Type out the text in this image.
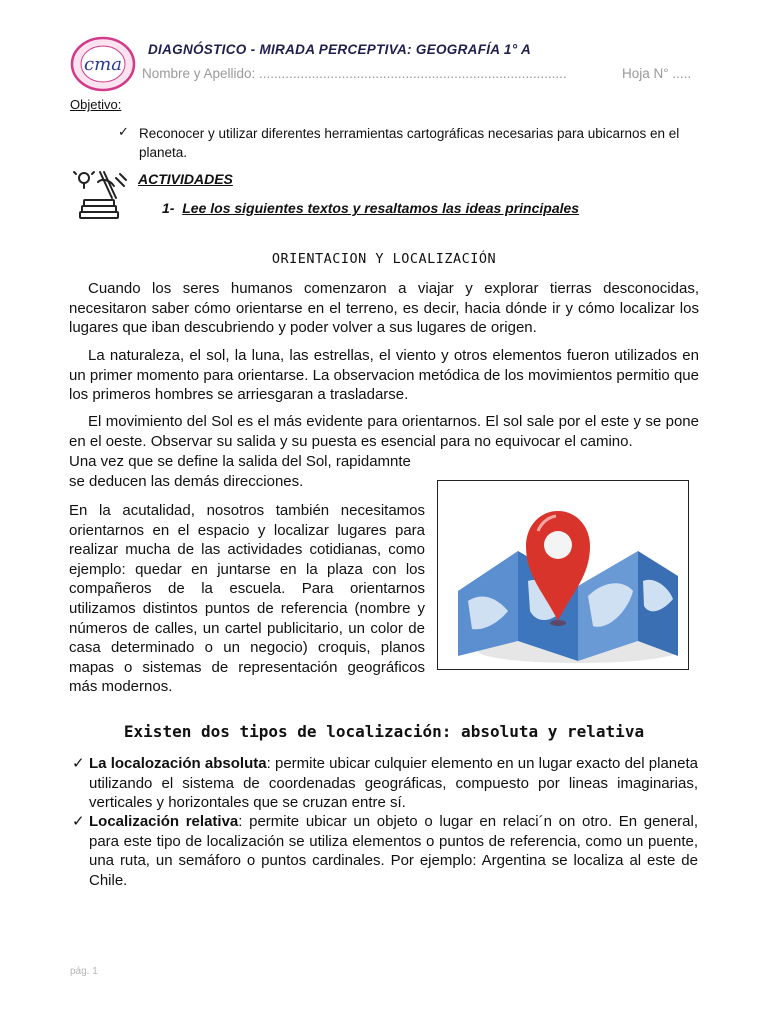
cma
DIAGNÓSTICO - MIRADA PERCEPTIVA: GEOGRAFÍA 1° A
Nombre y Apellido: ..................................................................................	Hoja N° .....
Objetivo:
✓ Reconocer y utilizar diferentes herramientas cartográficas necesarias para ubicarnos en el planeta.
ACTIVIDADES
1- Lee los siguientes textos y resaltamos las ideas principales
ORIENTACION Y LOCALIZACIÓN
Cuando los seres humanos comenzaron a viajar y explorar tierras desconocidas, necesitaron saber cómo orientarse en el terreno, es decir, hacia dónde ir y cómo localizar los lugares que iban descubriendo y poder volver a sus lugares de origen.
La naturaleza, el sol, la luna, las estrellas, el viento y otros elementos fueron utilizados en un primer momento para orientarse. La observacion metódica de los movimientos permitio que los primeros hombres se arriesgaran a trasladarse.
El movimiento del Sol es el más evidente para orientarnos. El sol sale por el este y se pone en el oeste. Observar su salida y su puesta es esencial para no equivocar el camino.
Una vez que se define la salida del Sol, rapidamnte
se deducen las demás direcciones.
En la acutalidad, nosotros también necesitamos orientarnos en el espacio y localizar lugares para realizar mucha de las actividades cotidianas, como ejemplo: quedar en juntarse en la plaza con los compañeros de la escuela. Para orientarnos utilizamos distintos puntos de referencia (nombre y números de calles, un cartel publicitario, un color de casa determinado o un negocio) croquis, planos mapas o sistemas de representación geográficos más modernos.
Existen dos tipos de localización: absoluta y relativa
✓ La localozación absoluta: permite ubicar culquier elemento en un lugar exacto del planeta utilizando el sistema de coordenadas geográficas, compuesto por lineas imaginarias, verticales y horizontales que se cruzan entre sí.
✓ Localización relativa: permite ubicar un objeto o lugar en relaci´n on otro. En general, para este tipo de localización se utiliza elementos o puntos de referencia, como un puente, una ruta, un semáforo o puntos cardinales. Por ejemplo: Argentina se localiza al este de Chile.
pág. 1
